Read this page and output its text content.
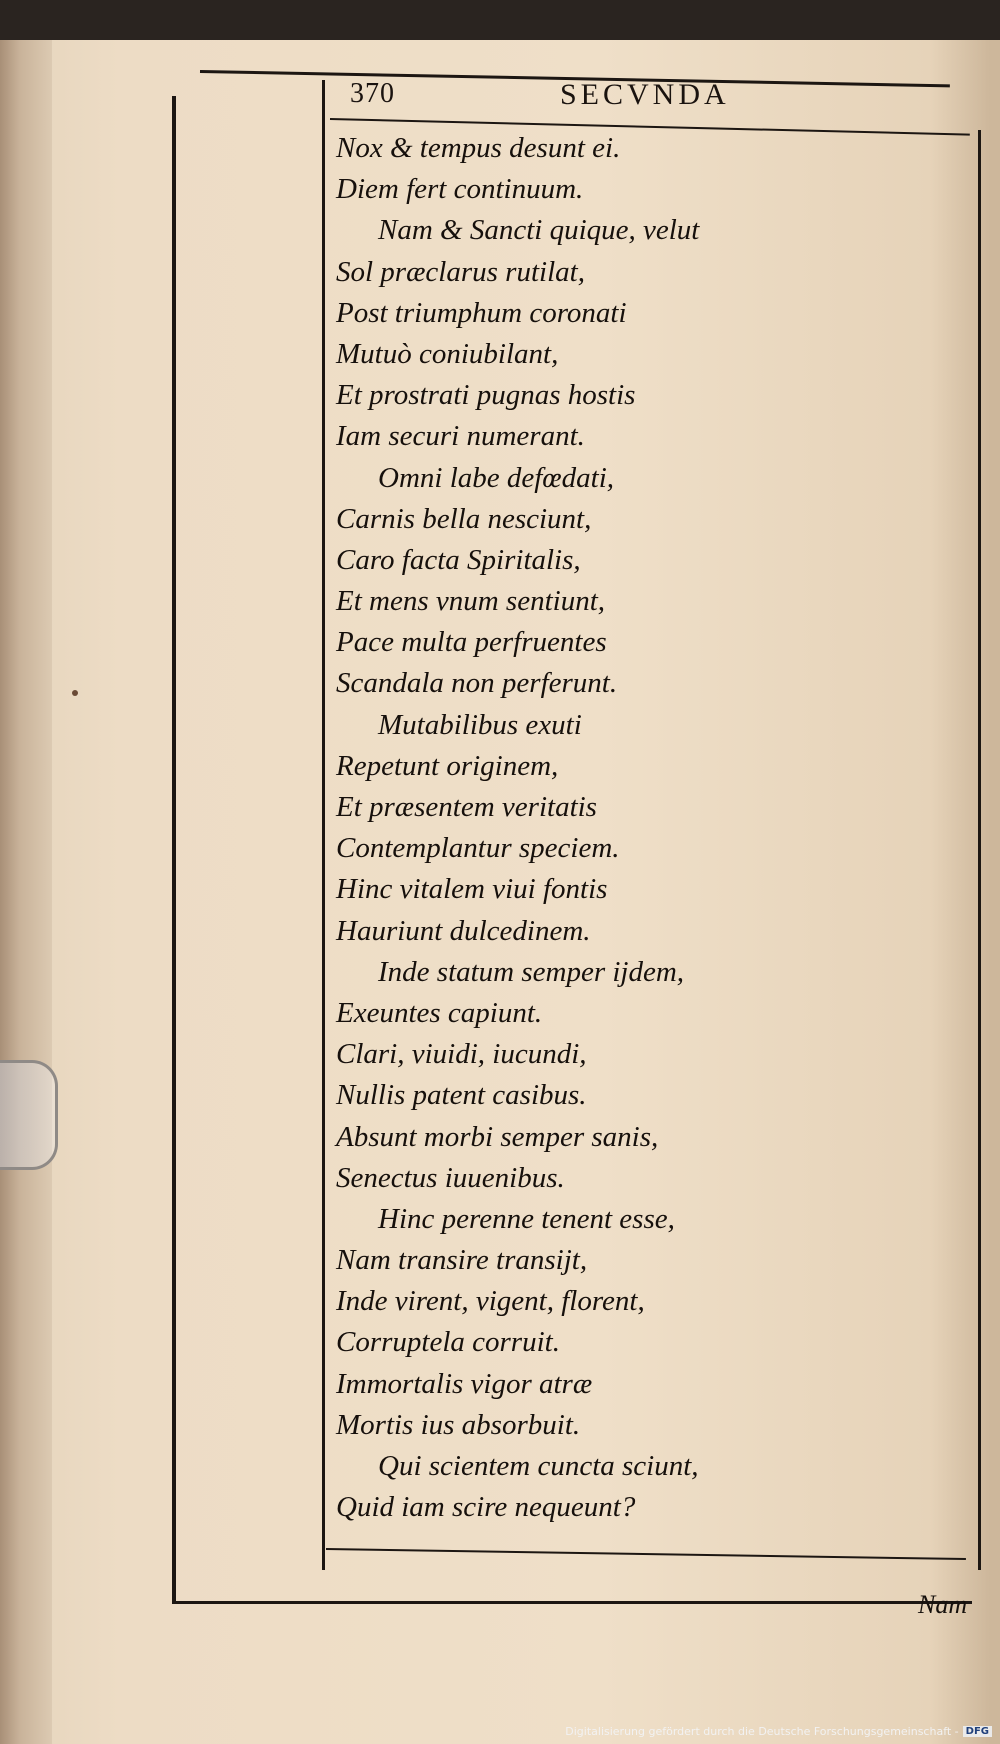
370	SECVNDA
Nox & tempus desunt ei.
Diem fert continuum.
Nam & Sancti quique, velut
Sol præclarus rutilat,
Post triumphum coronati
Mutuò coniubilant,
Et prostrati pugnas hostis
Iam securi numerant.
Omni labe defœdati,
Carnis bella nesciunt,
Caro facta Spiritalis,
Et mens vnum sentiunt,
Pace multa perfruentes
Scandala non perferunt.
Mutabilibus exuti
Repetunt originem,
Et præsentem veritatis
Contemplantur speciem.
Hinc vitalem viui fontis
Hauriunt dulcedinem.
Inde statum semper ijdem,
Exeuntes capiunt.
Clari, viuidi, iucundi,
Nullis patent casibus.
Absunt morbi semper sanis,
Senectus iuuenibus.
Hinc perenne tenent esse,
Nam transire transijt,
Inde virent, vigent, florent,
Corruptela corruit.
Immortalis vigor atræ
Mortis ius absorbuit.
Qui scientem cuncta sciunt,
Quid iam scire nequeunt?
Nam
Digitalisierung gefördert durch die Deutsche Forschungsgemeinschaft - DFG
